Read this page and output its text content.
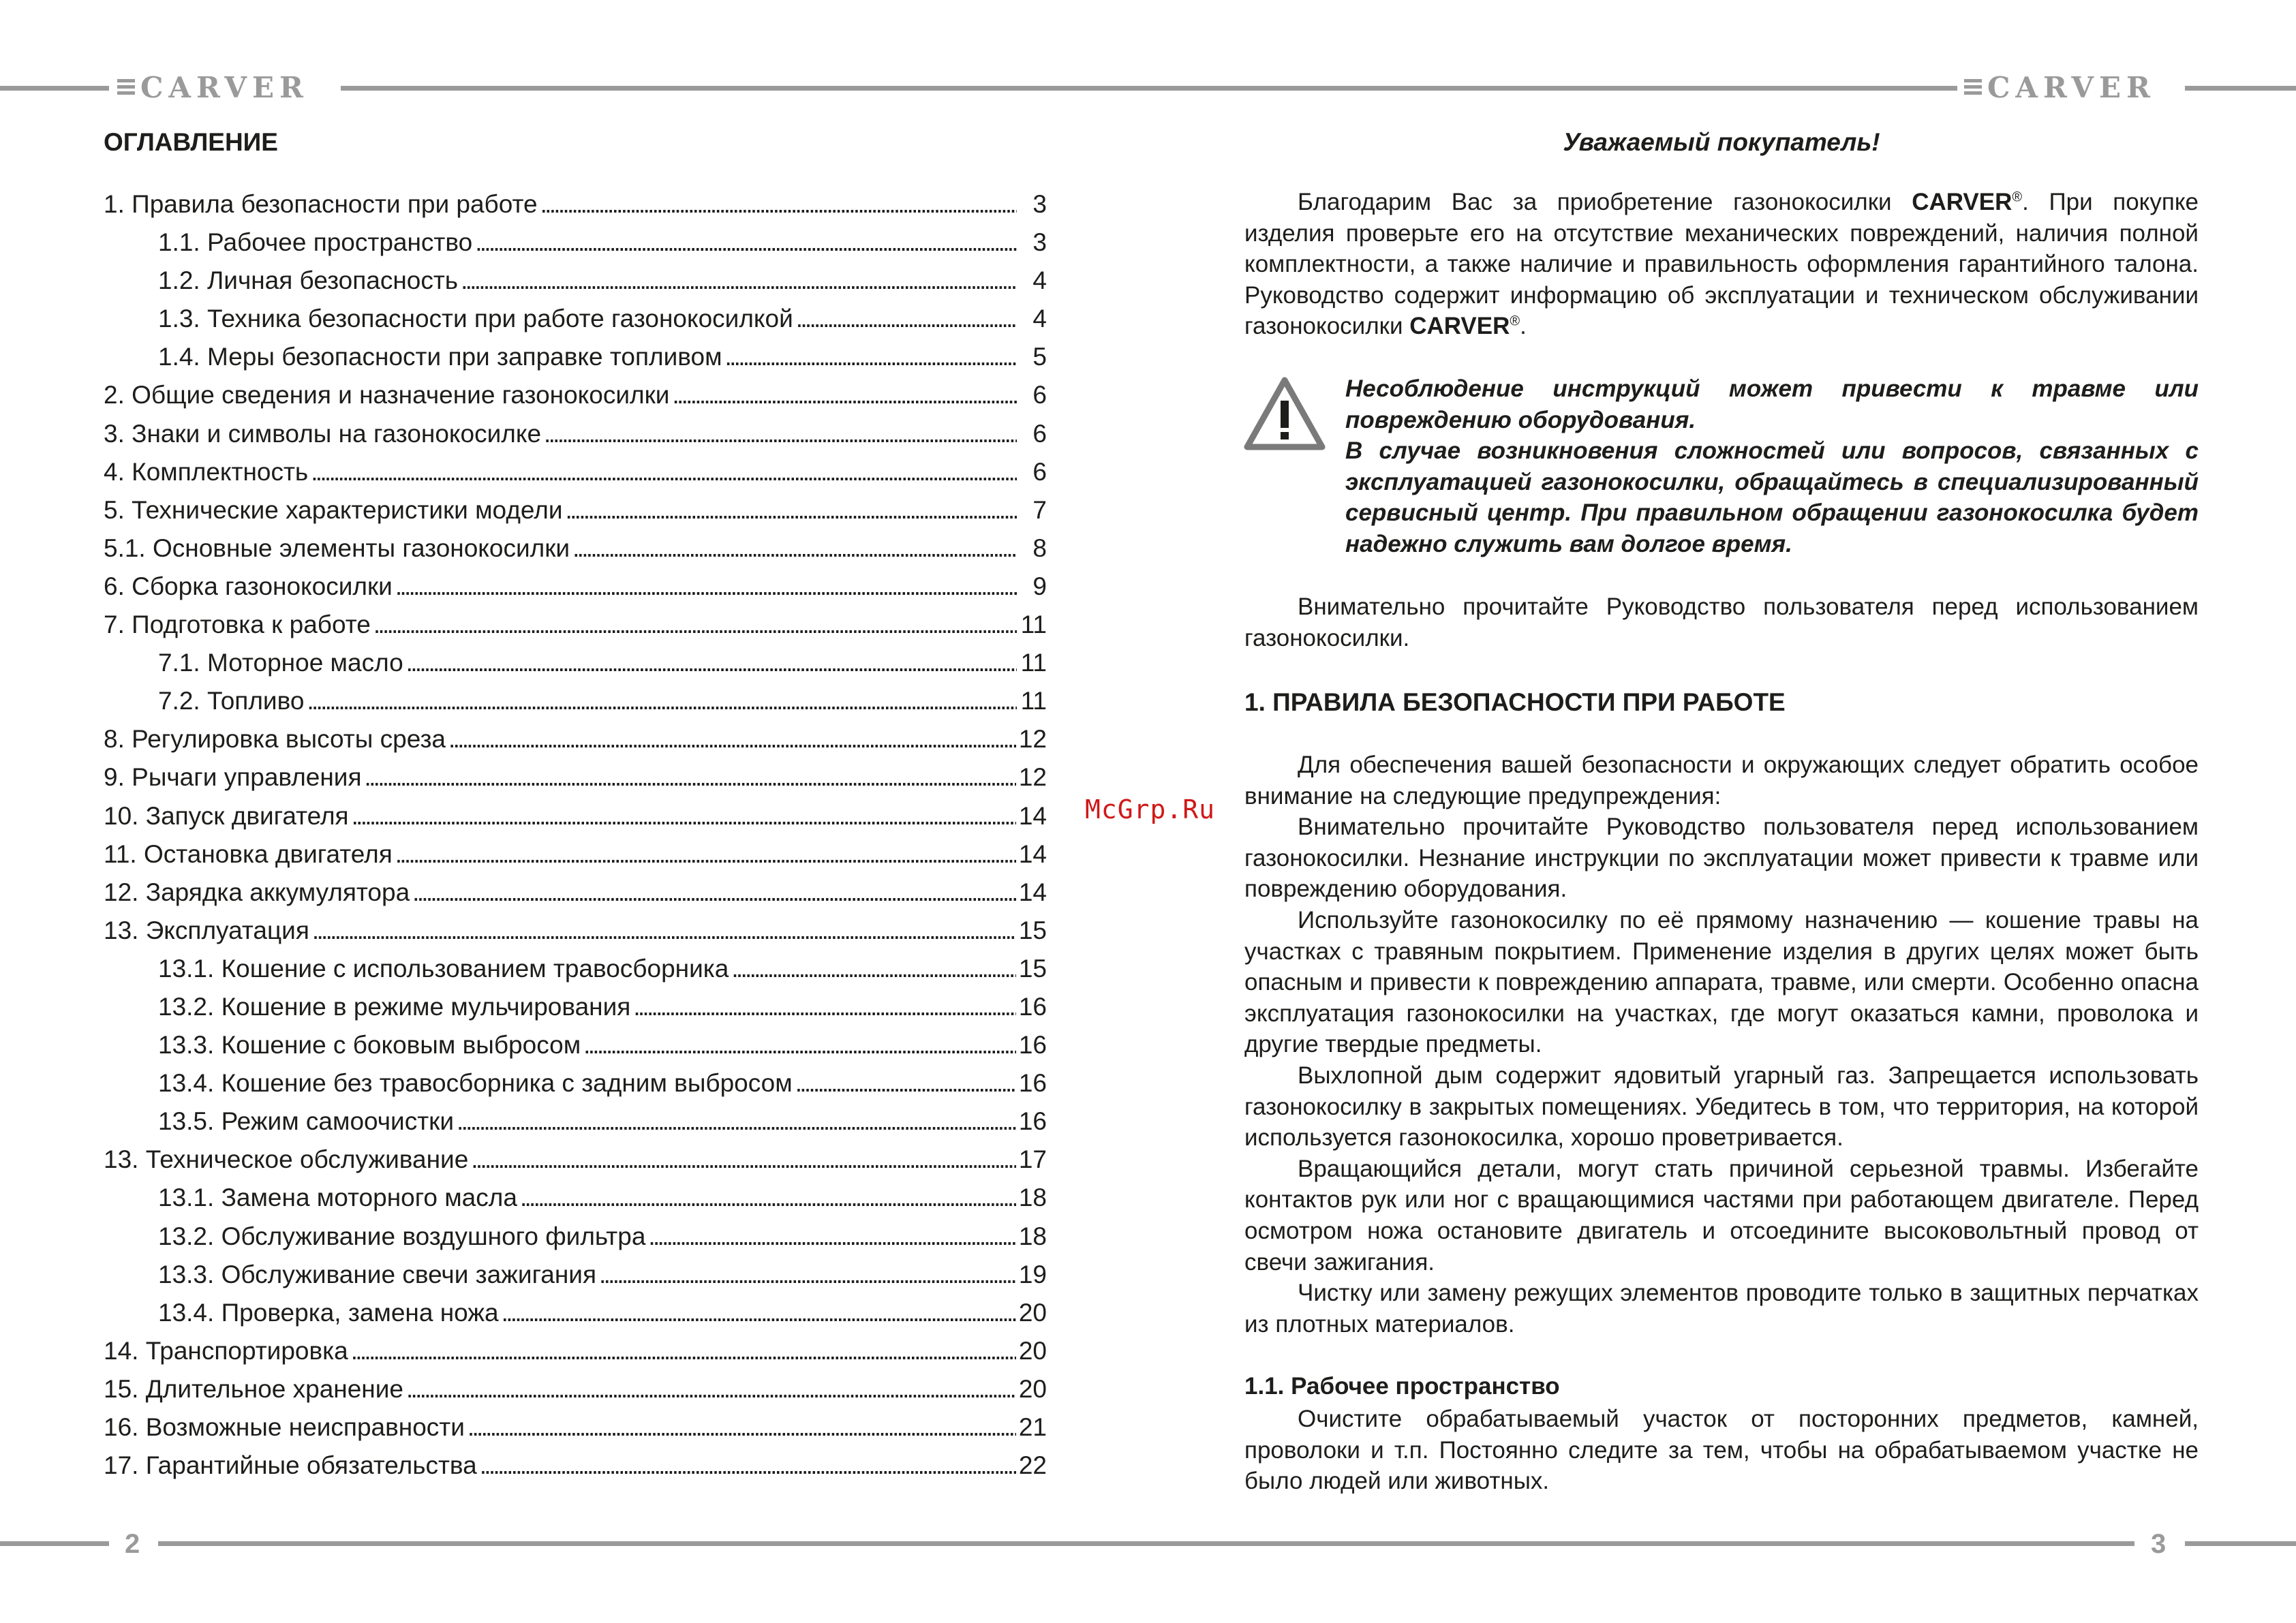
CARVER	CARVER
2	3
ОГЛАВЛЕНИЕ
1. Правила безопасности при работе . . .	3
1.1. Рабочее пространство . . .	3
1.2. Личная безопасность . . .	4
1.3. Техника безопасности при работе газонокосилкой . . .	4
1.4. Меры безопасности при заправке топливом . . .	5
2. Общие сведения и назначение газонокосилки . . .	6
3. Знаки и символы на газонокосилке . . .	6
4. Комплектность . . .	6
5. Технические характеристики модели . . .	7
5.1. Основные элементы газонокосилки . . .	8
6. Сборка газонокосилки . . .	9
7. Подготовка к работе . . .	11
7.1. Моторное масло . . .	11
7.2. Топливо . . .	11
8. Регулировка высоты среза . . .	12
9. Рычаги управления . . .	12
10. Запуск двигателя . . .	14
11. Остановка двигателя . . .	14
12. Зарядка аккумулятора . . .	14
13. Эксплуатация . . .	15
13.1. Кошение с использованием травосборника . . .	15
13.2. Кошение в режиме мульчирования . . .	16
13.3. Кошение с боковым выбросом . . .	16
13.4. Кошение без травосборника с задним выбросом . . .	16
13.5. Режим самоочистки . . .	16
13. Техническое обслуживание . . .	17
13.1. Замена моторного масла . . .	18
13.2. Обслуживание воздушного фильтра . . .	18
13.3. Обслуживание свечи зажигания . . .	19
13.4. Проверка, замена ножа . . .	20
14. Транспортировка . . .	20
15. Длительное хранение . . .	20
16. Возможные неисправности . . .	21
17. Гарантийные обязательства . . .	22
McGrp.Ru
Уважаемый покупатель!

Благодарим Вас за приобретение газонокосилки CARVER®. При покупке изделия проверьте его на отсутствие механических повреждений, наличия полной комплектности, а также наличие и правильность оформления гарантийного талона. Руководство содержит информацию об эксплуатации и техническом обслуживании газонокосилки CARVER®.

Несоблюдение инструкций может привести к травме или повреждению оборудования.
В случае возникновения сложностей или вопросов, связанных с эксплуатацией газонокосилки, обращайтесь в специализированный сервисный центр. При правильном обращении газонокосилка будет надежно служить вам долгое время.

Внимательно прочитайте Руководство пользователя перед использованием газонокосилки.

1. ПРАВИЛА БЕЗОПАСНОСТИ ПРИ РАБОТЕ

Для обеспечения вашей безопасности и окружающих следует обратить особое внимание на следующие предупреждения:

Внимательно прочитайте Руководство пользователя перед использованием газонокосилки. Незнание инструкции по эксплуатации может привести к травме или повреждению оборудования.

Используйте газонокосилку по её прямому назначению — кошение травы на участках с травяным покрытием. Применение изделия в других целях может быть опасным и привести к повреждению аппарата, травме, или смерти. Особенно опасна эксплуатация газонокосилки на участках, где могут оказаться камни, проволока и другие твердые предметы.

Выхлопной дым содержит ядовитый угарный газ. Запрещается использовать газонокосилку в закрытых помещениях. Убедитесь в том, что территория, на которой используется газонокосилка, хорошо проветривается.

Вращающийся детали, могут стать причиной серьезной травмы. Избегайте контактов рук или ног с вращающимися частями при работающем двигателе. Перед осмотром ножа остановите двигатель и отсоедините высоковольтный провод от свечи зажигания.

Чистку или замену режущих элементов проводите только в защитных перчатках из плотных материалов.

1.1. Рабочее пространство

Очистите обрабатываемый участок от посторонних предметов, камней, проволоки и т.п. Постоянно следите за тем, чтобы на обрабатываемом участке не было людей или животных.
